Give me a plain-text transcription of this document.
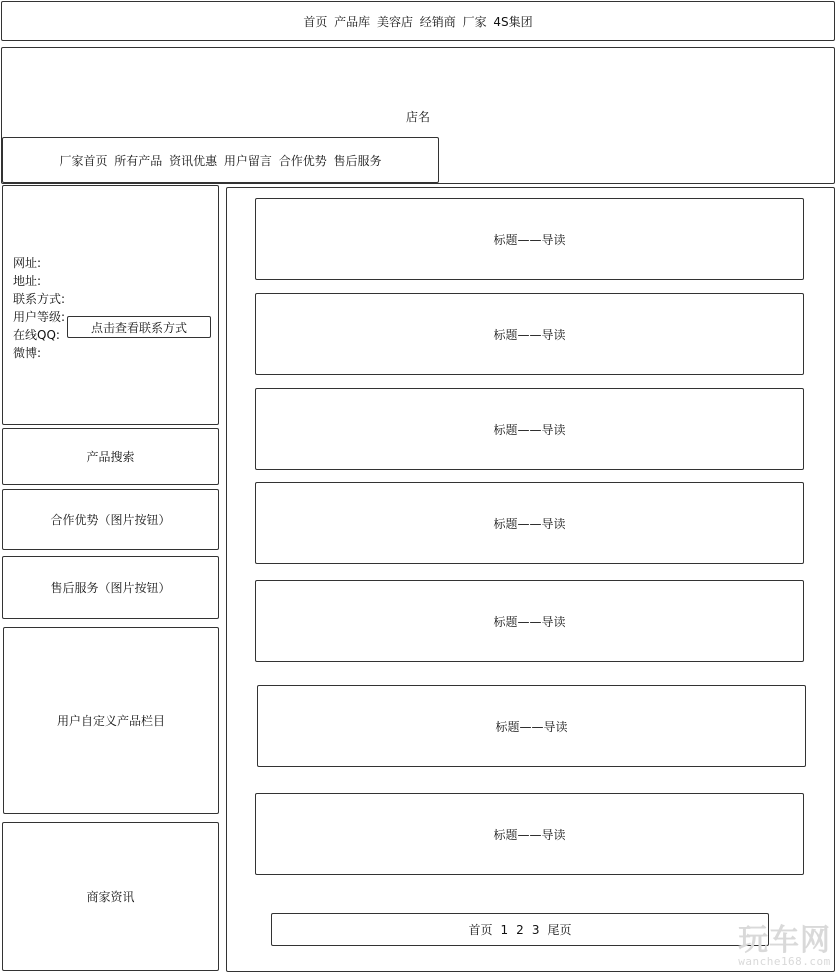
首页 产品库 美容店 经销商 厂家 4S集团
店名
厂家首页 所有产品 资讯优惠 用户留言 合作优势 售后服务
网址:
地址:
联系方式:
用户等级:
在线QQ:
微博:
点击查看联系方式
产品搜索
合作优势（图片按钮）
售后服务（图片按钮）
用户自定义产品栏目
商家资讯
标题——导读
标题——导读
标题——导读
标题——导读
标题——导读
标题——导读
标题——导读
首页 1 2 3 尾页	玩车网
wanche168.com
